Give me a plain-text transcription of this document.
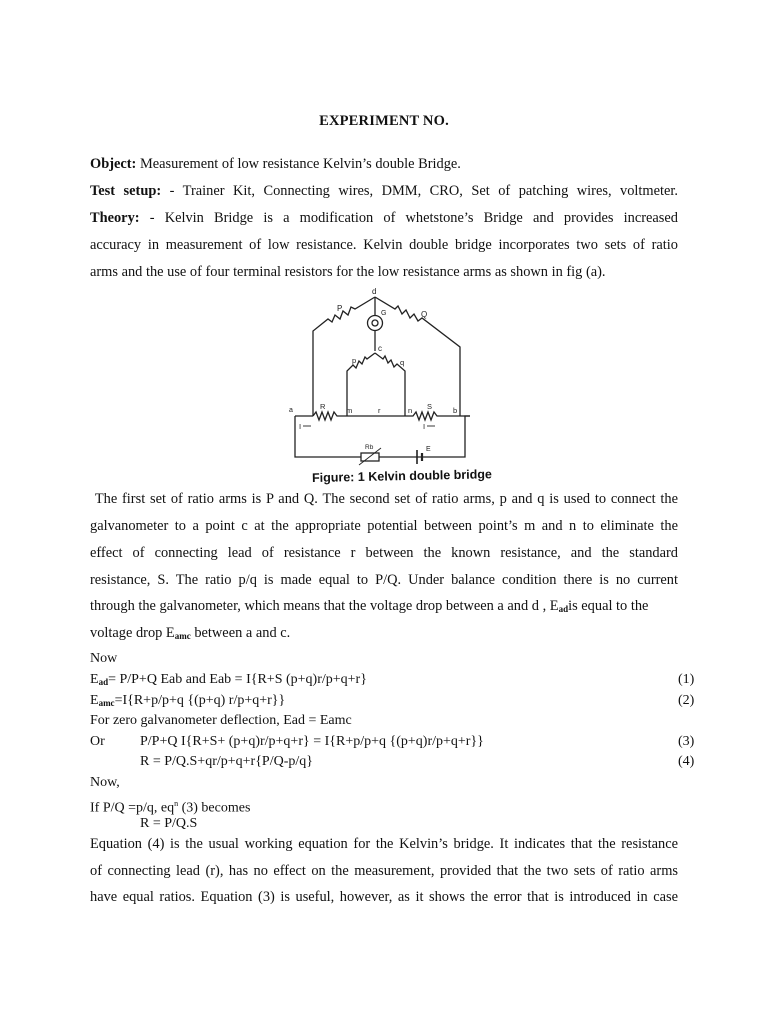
EXPERIMENT NO.
Object: Measurement of low resistance Kelvin’s double Bridge.
Test setup: - Trainer Kit, Connecting wires, DMM, CRO, Set of patching wires, voltmeter.
Theory: - Kelvin Bridge is a modification of whetstone’s Bridge and provides increased
accuracy in measurement of low resistance. Kelvin double bridge incorporates two sets of ratio
arms and the use of four terminal resistors for the low resistance arms as shown in fig (a).
d
G
c
P
Q
p	q
a	R	m	r	n S	b
I	I
Rb	E
Figure: 1 Kelvin double bridge
The first set of ratio arms is P and Q. The second set of ratio arms, p and q is used to connect the
galvanometer to a point c at the appropriate potential between point’s m and n to eliminate the
effect of connecting lead of resistance r between the known resistance, and the standard
resistance, S. The ratio p/q is made equal to P/Q. Under balance condition there is no current
through the galvanometer, which means that the voltage drop between a and d , $E_{ad}is$ equal to the
voltage drop $E_{amc}$ between a and c.
Now
$E_{ad}= P/P+Q$ Eab and Eab = I{R+S (p+q)r/p+q+r}	(1)
$E_{amc}=I\{R+p/p+q$ {(p+q) r/p+q+r}}	(2)
For zero galvanometer deflection, Ead = Eamc
Or	P/P+Q I{R+S+ (p+q)r/p+q+r} = I{R+p/p+q {(p+q)r/p+q+r}}	(3)
R = P/Q.S+qr/p+q+r{P/Q-p/q}	(4)
Now,
If P/Q =p/q, $eq^n$ (3) becomes
R = P/Q.S
Equation (4) is the usual working equation for the Kelvin’s bridge. It indicates that the resistance
of connecting lead (r), has no effect on the measurement, provided that the two sets of ratio arms
have equal ratios. Equation (3) is useful, however, as it shows the error that is introduced in case
